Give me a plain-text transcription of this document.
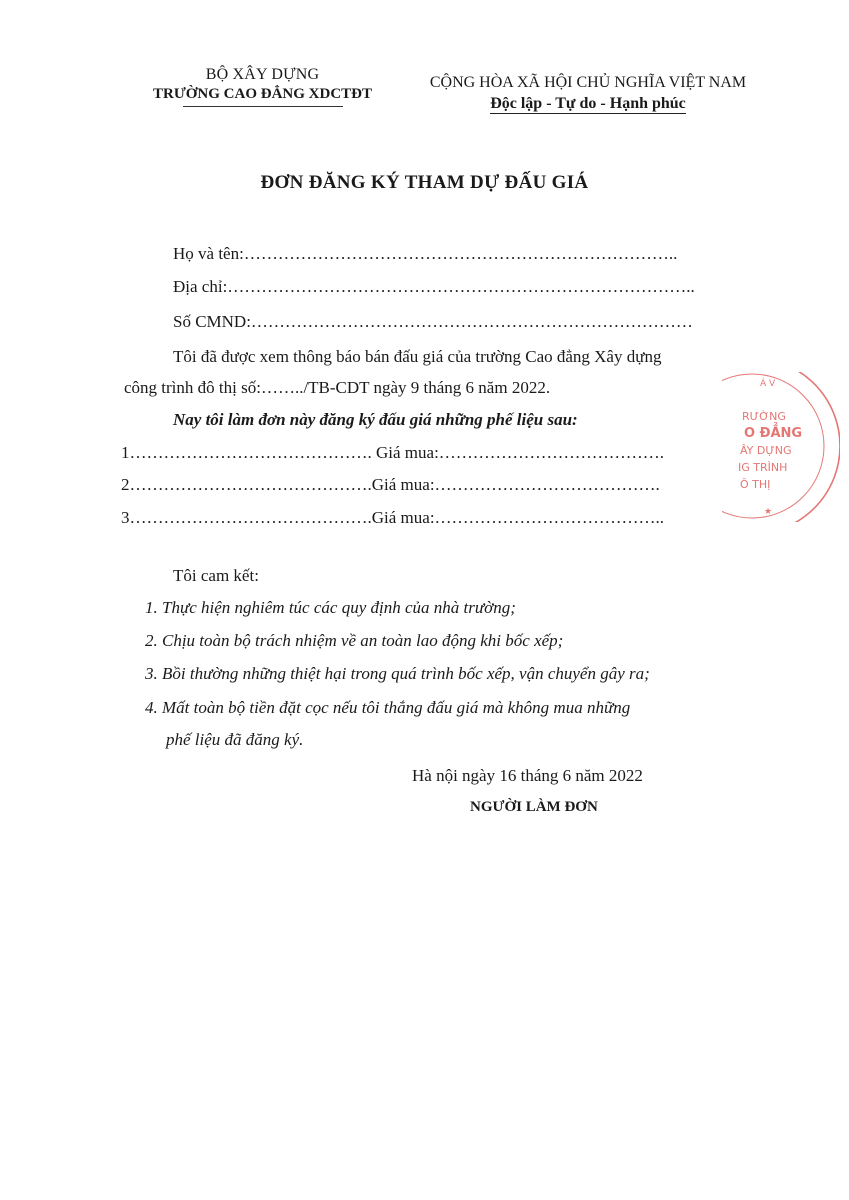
BỘ XÂY DỰNG
TRƯỜNG CAO ĐẲNG XDCTĐT
CỘNG HÒA XÃ HỘI CHỦ NGHĨA VIỆT NAM
Độc lập - Tự do - Hạnh phúc
ĐƠN ĐĂNG KÝ THAM DỰ ĐẤU GIÁ
Họ và tên:…………………………………………………………………..
Địa chỉ:………………………………………………………………………..
Số CMND:……………………………………………………………………
Tôi đã được xem thông báo bán đấu giá của trường Cao đẳng Xây dựng
công trình đô thị số:……../TB-CDT ngày 9 tháng 6 năm 2022.
Nay tôi làm đơn này đăng ký đấu giá những phế liệu sau:
1……………………………………. Giá mua:………………………………….
2…………………………………….Giá mua:………………………………….
3…………………………………….Giá mua:…………………………………..
Tôi cam kết:
1. Thực hiện nghiêm túc các quy định của nhà trường;
2. Chịu toàn bộ trách nhiệm về an toàn lao động khi bốc xếp;
3. Bồi thường những thiệt hại trong quá trình bốc xếp, vận chuyển gây ra;
4. Mất toàn bộ tiền đặt cọc nếu tôi thắng đấu giá mà không mua những
phế liệu đã đăng ký.
Hà nội ngày 16 tháng 6 năm 2022
NGƯỜI LÀM ĐƠN
RƯỜNG
O ĐẲNG
ÂY DỰNG
IG TRÌNH
Ô THỊ
★
Á V
